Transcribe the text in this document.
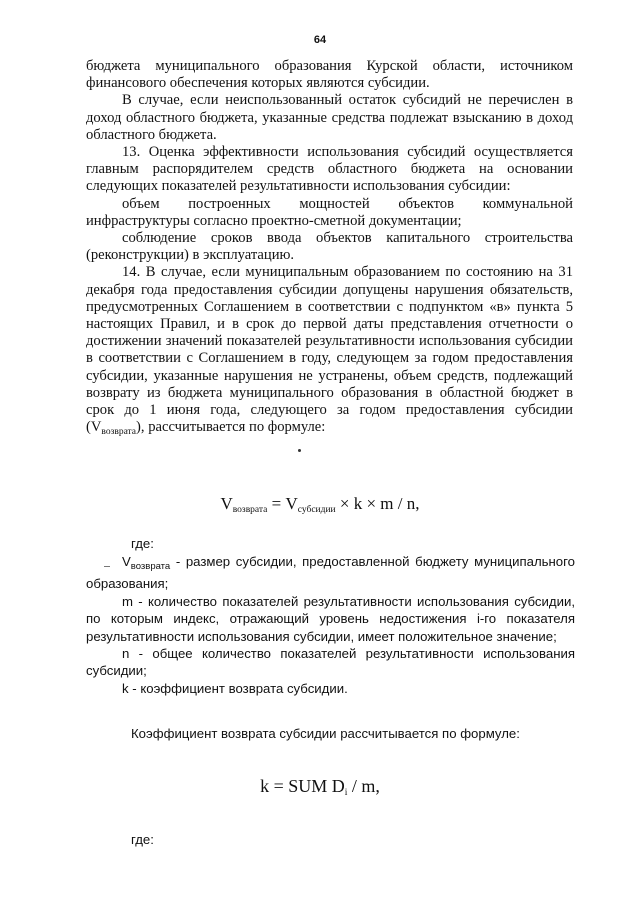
64

бюджета муниципального образования Курской области, источником финансового обеспечения которых являются субсидии.

В случае, если неиспользованный остаток субсидий не перечислен в доход областного бюджета, указанные средства подлежат взысканию в доход областного бюджета.

13. Оценка эффективности использования субсидий осуществляется главным распорядителем средств областного бюджета на основании следующих показателей результативности использования субсидии:

объем построенных мощностей объектов коммунальной инфраструктуры согласно проектно-сметной документации;

соблюдение сроков ввода объектов капитального строительства (реконструкции) в эксплуатацию.

14. В случае, если муниципальным образованием по состоянию на 31 декабря года предоставления субсидии допущены нарушения обязательств, предусмотренных Соглашением в соответствии с подпунктом «в» пункта 5 настоящих Правил, и в срок до первой даты представления отчетности о достижении значений показателей результативности использования субсидии в соответствии с Соглашением в году, следующем за годом предоставления субсидии, указанные нарушения не устранены, объем средств, подлежащий возврату из бюджета муниципального образования в областной бюджет в срок до 1 июня года, следующего за годом предоставления субсидии $(V_{возврата})$, рассчитывается по формуле:

Vвозврата = Vсубсидии × k × m / n,
где:

$V_{возврата}$ - размер субсидии, предоставленной бюджету муниципального образования;

m - количество показателей результативности использования субсидии, по которым индекс, отражающий уровень недостижения i-го показателя результативности использования субсидии, имеет положительное значение;

n - общее количество показателей результативности использования субсидии;

k - коэффициент возврата субсидии.

Коэффициент возврата субсидии рассчитывается по формуле:
k = SUM Di / m,
где:
